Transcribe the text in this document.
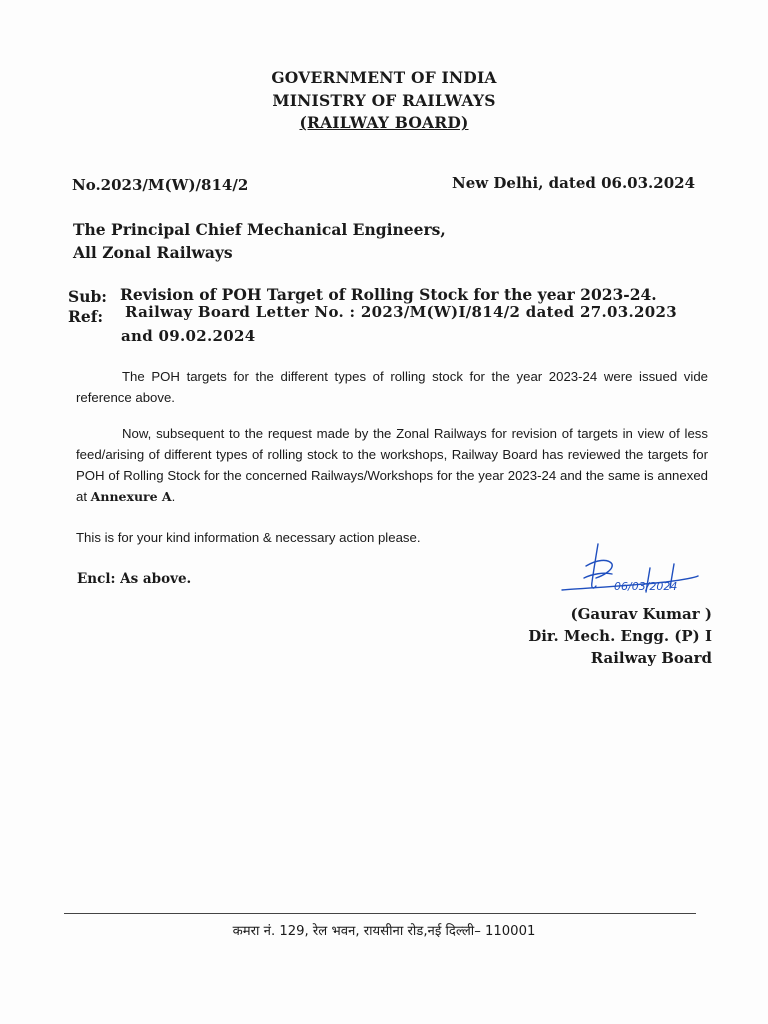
GOVERNMENT OF INDIA
MINISTRY OF RAILWAYS
(RAILWAY BOARD)
No.2023/M(W)/814/2	New Delhi, dated 06.03.2024
The Principal Chief Mechanical Engineers,
All Zonal Railways
Sub: Revision of POH Target of Rolling Stock for the year 2023-24.
Ref: Railway Board Letter No. : 2023/M(W)I/814/2 dated 27.03.2023
and 09.02.2024
The POH targets for the different types of rolling stock for the year 2023-24 were issued vide reference above.
Now, subsequent to the request made by the Zonal Railways for revision of targets in view of less feed/arising of different types of rolling stock to the workshops, Railway Board has reviewed the targets for POH of Rolling Stock for the concerned Railways/Workshops for the year 2023-24 and the same is annexed at Annexure A.
This is for your kind information & necessary action please.
Encl: As above.	06/03/2024
(Gaurav Kumar )
Dir. Mech. Engg. (P) I
Railway Board
कमरा नं. 129, रेल भवन, रायसीना रोड,नई दिल्ली– 110001
